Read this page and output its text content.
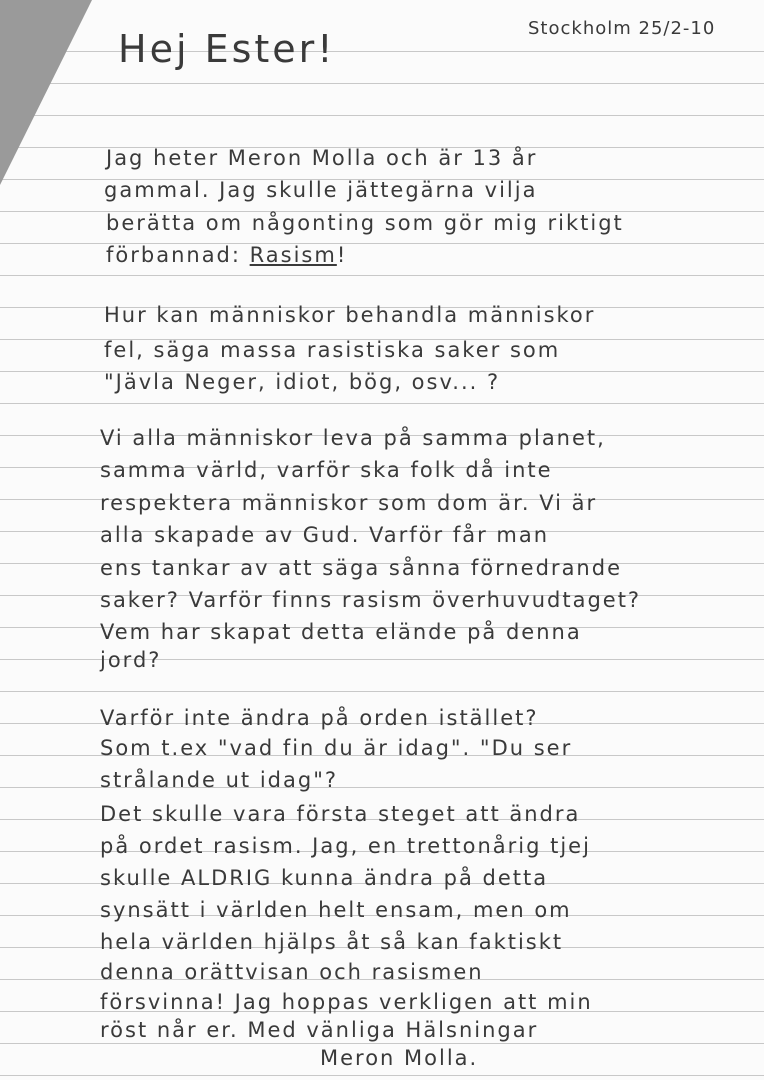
Stockholm 25/2-10

Hej Ester!

Jag heter Meron Molla och är 13 år

gammal. Jag skulle jättegärna vilja

berätta om någonting som gör mig riktigt

förbannad: Rasism!

Hur kan människor behandla människor

fel, säga massa rasistiska saker som

"Jävla Neger, idiot, bög, osv... ?

Vi alla människor leva på samma planet,

samma värld, varför ska folk då inte

respektera människor som dom är. Vi är

alla skapade av Gud. Varför får man

ens tankar av att säga sånna förnedrande

saker? Varför finns rasism överhuvudtaget?

Vem har skapat detta elände på denna

jord?

Varför inte ändra på orden istället?

Som t.ex "vad fin du är idag". "Du ser

strålande ut idag"?

Det skulle vara första steget att ändra

på ordet rasism. Jag, en trettonårig tjej

skulle ALDRIG kunna ändra på detta

synsätt i världen helt ensam, men om

hela världen hjälps åt så kan faktiskt

denna orättvisan och rasismen

försvinna! Jag hoppas verkligen att min

röst når er. Med vänliga Hälsningar

Meron Molla.
